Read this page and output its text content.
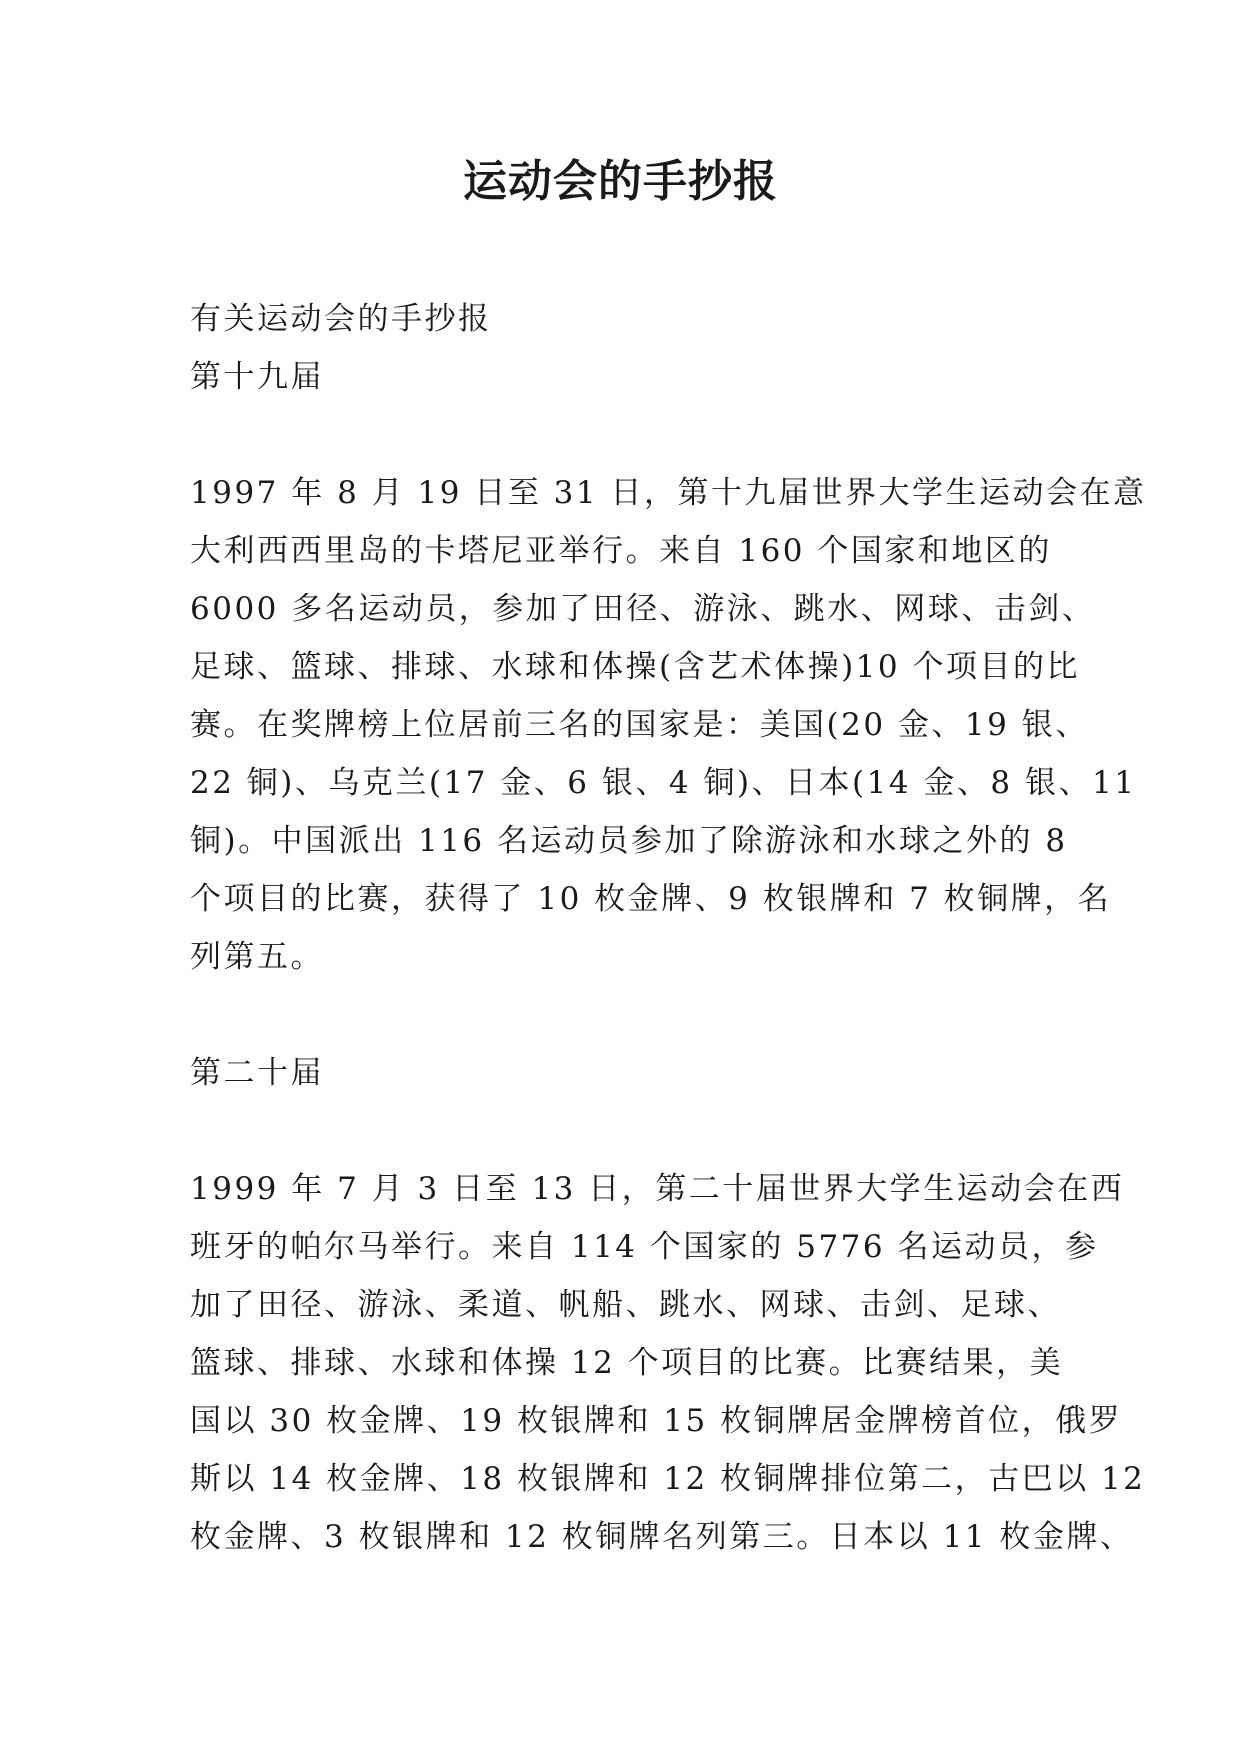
运动会的手抄报

有关运动会的手抄报

第十九届

1997 年 8 月 19 日至 31 日，第十九届世界大学生运动会在意

大利西西里岛的卡塔尼亚举行。来自 160 个国家和地区的

6000 多名运动员，参加了田径、游泳、跳水、网球、击剑、

足球、篮球、排球、水球和体操(含艺术体操)10 个项目的比

赛。在奖牌榜上位居前三名的国家是：美国(20 金、19 银、

22 铜)、乌克兰(17 金、6 银、4 铜)、日本(14 金、8 银、11

铜)。中国派出 116 名运动员参加了除游泳和水球之外的 8

个项目的比赛，获得了 10 枚金牌、9 枚银牌和 7 枚铜牌，名

列第五。

第二十届

1999 年 7 月 3 日至 13 日，第二十届世界大学生运动会在西

班牙的帕尔马举行。来自 114 个国家的 5776 名运动员，参

加了田径、游泳、柔道、帆船、跳水、网球、击剑、足球、

篮球、排球、水球和体操 12 个项目的比赛。比赛结果，美

国以 30 枚金牌、19 枚银牌和 15 枚铜牌居金牌榜首位，俄罗

斯以 14 枚金牌、18 枚银牌和 12 枚铜牌排位第二，古巴以 12

枚金牌、3 枚银牌和 12 枚铜牌名列第三。日本以 11 枚金牌、
